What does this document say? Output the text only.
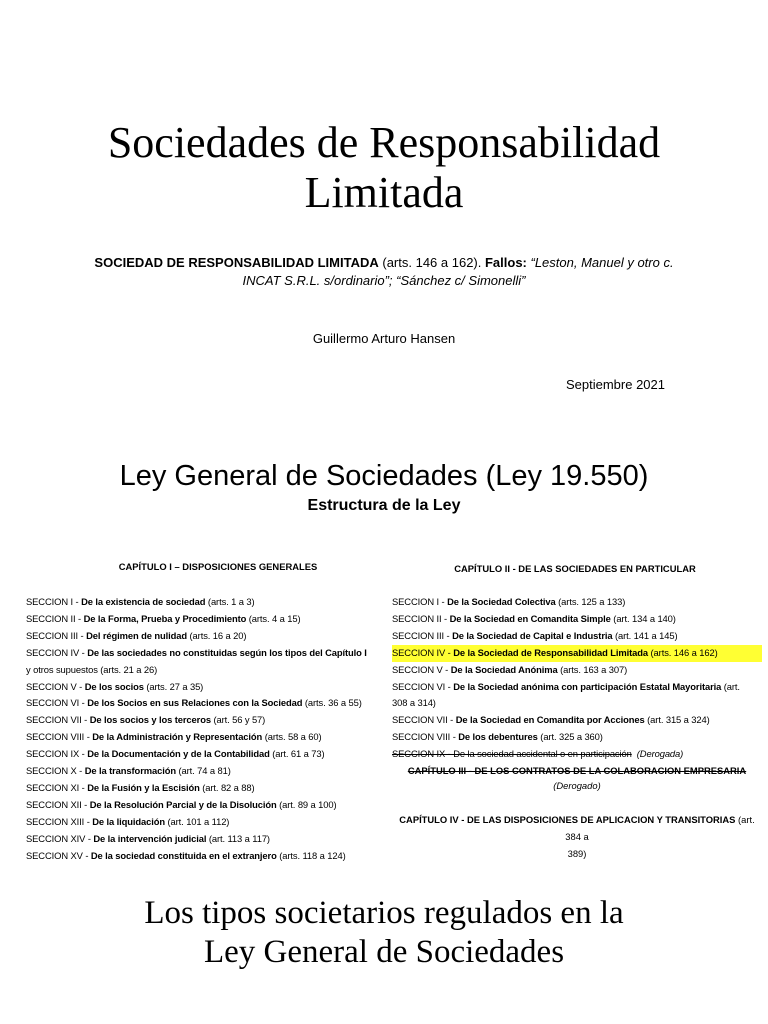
Sociedades de Responsabilidad
Limitada
SOCIEDAD DE RESPONSABILIDAD LIMITADA (arts. 146 a 162). Fallos: “Leston, Manuel y otro c. INCAT S.R.L. s/ordinario”; “Sánchez c/ Simonelli”
Guillermo Arturo Hansen
Septiembre 2021
Ley General de Sociedades (Ley 19.550)
Estructura de la Ley
CAPÍTULO I – DISPOSICIONES GENERALES	CAPÍTULO II - DE LAS SOCIEDADES EN PARTICULAR
SECCION I - De la existencia de sociedad (arts. 1 a 3)
SECCION II - De la Forma, Prueba y Procedimiento (arts. 4 a 15)
SECCION III - Del régimen de nulidad (arts. 16 a 20)
SECCION IV - De las sociedades no constituidas según los tipos del Capítulo I
y otros supuestos (arts. 21 a 26)
SECCION V - De los socios (arts. 27 a 35)
SECCION VI - De los Socios en sus Relaciones con la Sociedad (arts. 36 a 55)
SECCION VII - De los socios y los terceros (art. 56 y 57)
SECCION VIII - De la Administración y Representación (arts. 58 a 60)
SECCION IX - De la Documentación y de la Contabilidad (art. 61 a 73)
SECCION X - De la transformación (art. 74 a 81)
SECCION XI - De la Fusión y la Escisión (art. 82 a 88)
SECCION XII - De la Resolución Parcial y de la Disolución (art. 89 a 100)
SECCION XIII - De la liquidación (art. 101 a 112)
SECCION XIV - De la intervención judicial (art. 113 a 117)
SECCION XV - De la sociedad constituida en el extranjero (arts. 118 a 124)
SECCION I - De la Sociedad Colectiva (arts. 125 a 133)
SECCION II - De la Sociedad en Comandita Simple (art. 134 a 140)
SECCION III - De la Sociedad de Capital e Industria (art. 141 a 145)
SECCION IV - De la Sociedad de Responsabilidad Limitada (arts. 146 a 162)
SECCION V - De la Sociedad Anónima (arts. 163 a 307)
SECCION VI - De la Sociedad anónima con participación Estatal Mayoritaria (art.
308 a 314)
SECCION VII - De la Sociedad en Comandita por Acciones (art. 315 a 324)
SECCION VIII - De los debentures (art. 325 a 360)
SECCION IX - De la sociedad accidental o en participación (Derogada)
CAPÍTULO III - DE LOS CONTRATOS DE LA COLABORACION EMPRESARIA
(Derogado)
CAPÍTULO IV - DE LAS DISPOSICIONES DE APLICACION Y TRANSITORIAS (art. 384 a
389)
Los tipos societarios regulados en la
Ley General de Sociedades
